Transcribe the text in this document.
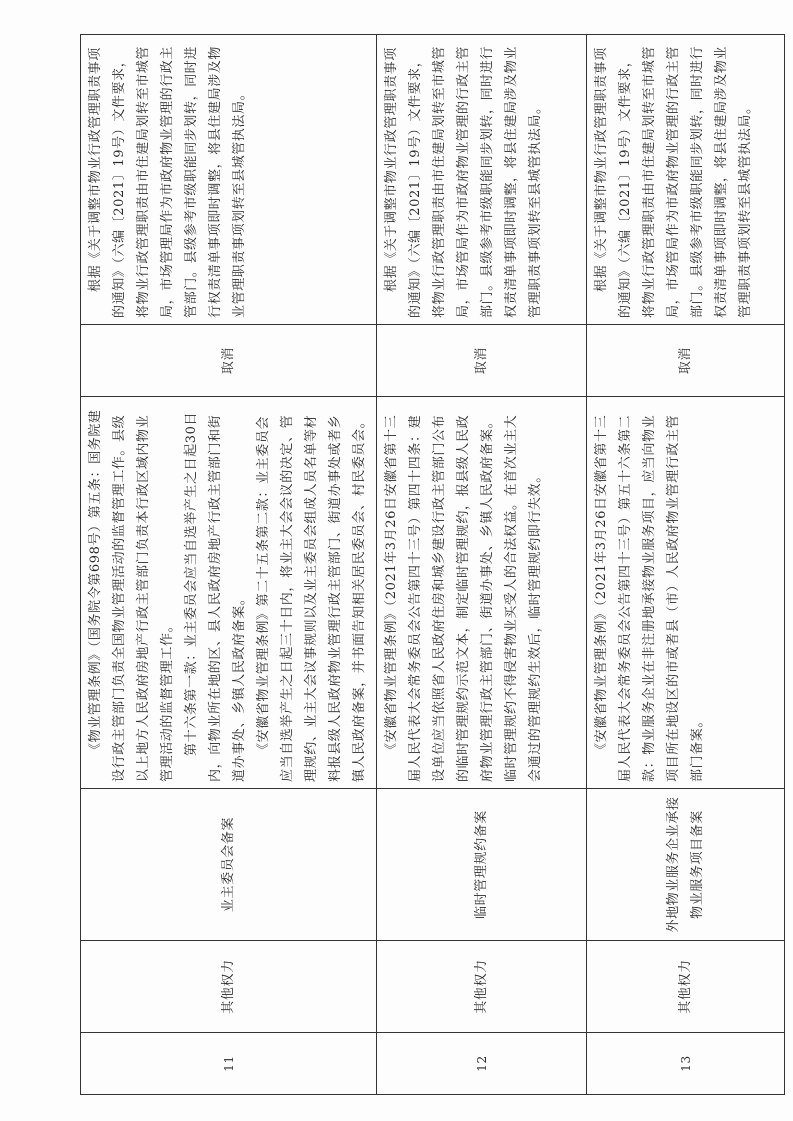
11	其他权力	业主委员会备案	《物业管理条例》（国务院令第698号）第五条：国务院建设行政主管部门负责全国物业管理活动的监督管理工作。县级以上地方人民政府房地产行政主管部门负责本行政区域内物业管理活动的监督管理工作。 第十六条第一款：业主委员会应当自选举产生之日起30日内，向物业所在地的区、县人民政府房地产行政主管部门和街道办事处、乡镇人民政府备案。 《安徽省物业管理条例》第二十五条第二款：业主委员会应当自选举产生之日起三十日内，将业主大会会议的决定、管理规约、业主大会议事规则以及业主委员会组成人员名单等材料报县级人民政府物业管理行政主管部门、街道办事处或者乡镇人民政府备案，并书面告知相关居民委员会、村民委员会。	取消	根据《关于调整市物业行政管理职责事项的通知》（六编〔2021〕19号）文件要求，将物业行政管理职责由市住建局划转至市城管局，市场管理局作为市政府物业管理的行政主管部门。县级参考市级职能同步划转，同时进行权责清单事项即时调整，将县住建局涉及物业管理职责事项划转至县城管执法局。

12	其他权力	临时管理规约备案	《安徽省物业管理条例》（2021年3月26日安徽省第十三届人民代表大会常务委员会公告第四十三号）第四十四条：建设单位应当依照省人民政府住房和城乡建设行政主管部门公布的临时管理规约示范文本，制定临时管理规约，报县级人民政府物业管理行政主管部门、街道办事处、乡镇人民政府备案。临时管理规约不得侵害物业买受人的合法权益。在首次业主大会通过的管理规约生效后，临时管理规约即行失效。	取消	根据《关于调整市物业行政管理职责事项的通知》（六编〔2021〕19号）文件要求，将物业行政管理职责由市住建局划转至市城管局，市场管局作为市政府物业管理的行政主管部门。县级参考市级职能同步划转，同时进行权责清单事项即时调整，将县住建局涉及物业管理职责事项划转至县城管执法局。

13	其他权力	外地物业服务企业承接物业服务项目备案	《安徽省物业管理条例》（2021年3月26日安徽省第十三届人民代表大会常务委员会公告第四十三号）第五十六条第二款：物业服务企业在非注册地承接物业服务项目，应当向物业项目所在地设区的市或者县（市）人民政府物业管理行政主管部门备案。	取消	根据《关于调整市物业行政管理职责事项的通知》（六编〔2021〕19号）文件要求，将物业行政管理职责由市住建局划转至市城管局，市场管局作为市政府物业管理的行政主管部门。县级参考市级职能同步划转，同时进行权责清单事项即时调整，将县住建局涉及物业管理职责事项划转至县城管执法局。
